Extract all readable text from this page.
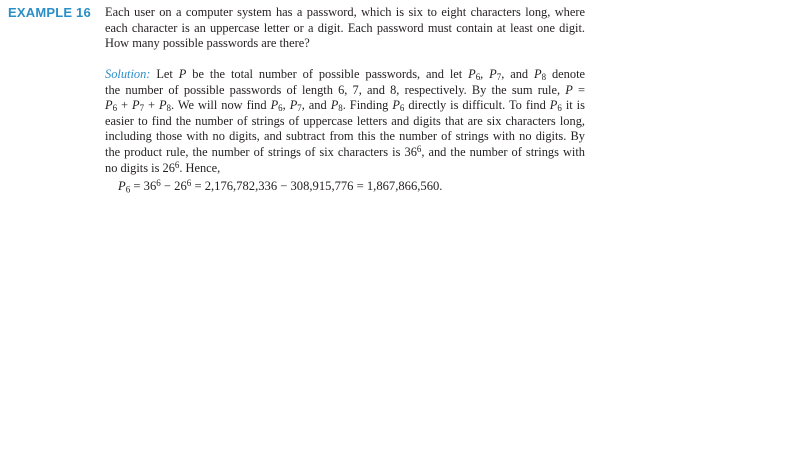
EXAMPLE 16 Each user on a computer system has a password, which is six to eight characters long, where
each character is an uppercase letter or a digit. Each password must contain at least one digit.
How many possible passwords are there?
Solution: Let P be the total number of possible passwords, and let $P_6$, $P_7$, and $P_8$ denote
the number of possible passwords of length 6, 7, and 8, respectively. By the sum rule, P =
$P_6 + P_7 + P_8$. We will now find $P_6$, $P_7$, and $P_8$. Finding $P_6$ directly is difficult. To find $P_6$ it is
easier to find the number of strings of uppercase letters and digits that are six characters long,
including those with no digits, and subtract from this the number of strings with no digits. By
the product rule, the number of strings of six characters is $36^6$, and the number of strings with
no digits is $26^6$. Hence,
$P_6 = 36^6 - 26^6 = 2,176,782,336 - 308,915,776 = 1,867,866,560$.
